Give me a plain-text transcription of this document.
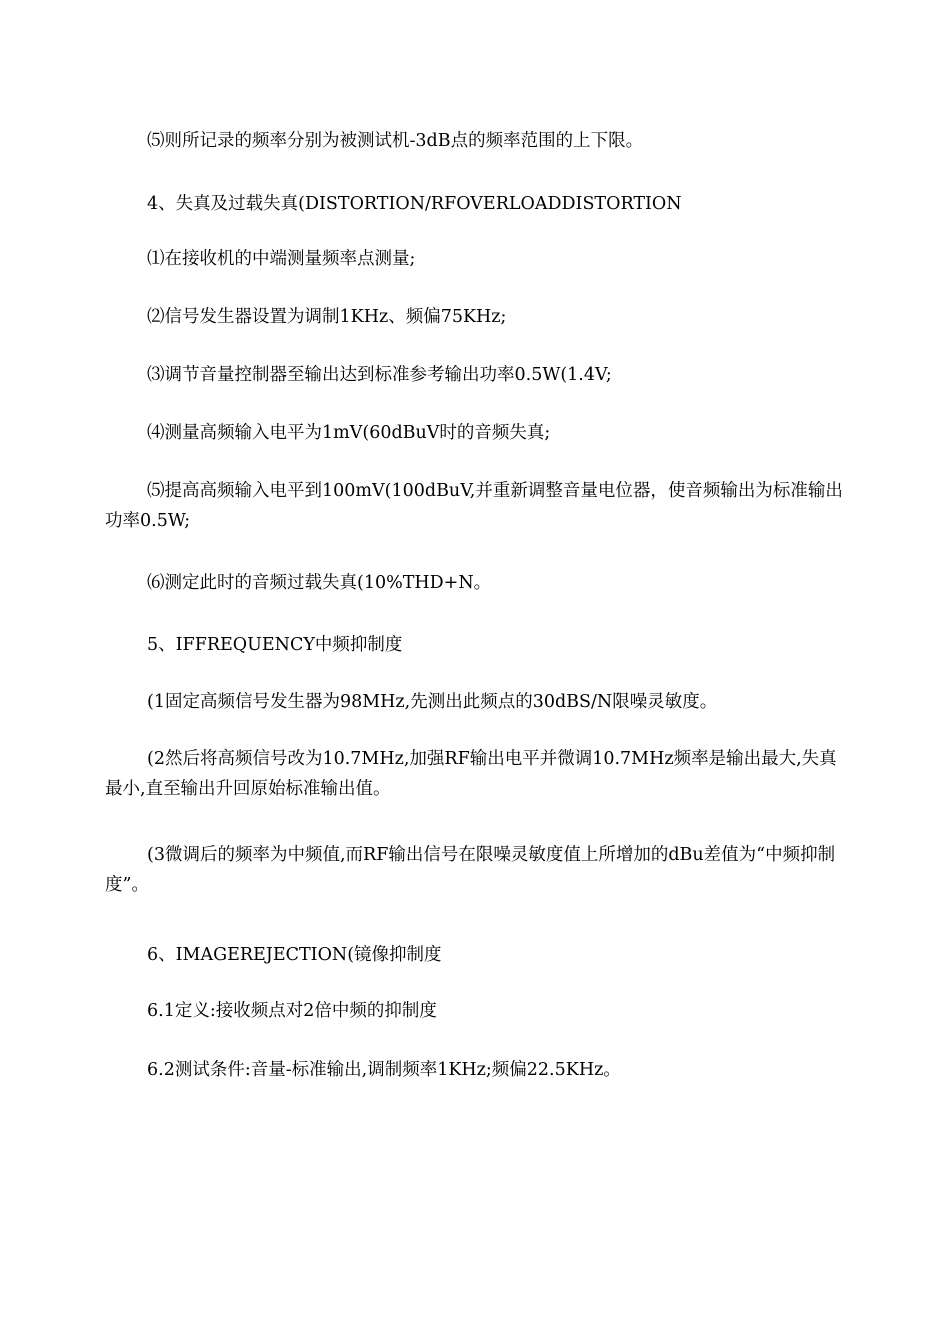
⑸则所记录的频率分别为被测试机-3dB点的频率范围的上下限。

4、失真及过载失真(DISTORTION/RFOVERLOADDISTORTION

⑴在接收机的中端测量频率点测量;

⑵信号发生器设置为调制1KHz、频偏75KHz;

⑶调节音量控制器至输出达到标准参考输出功率0.5W(1.4V;

⑷测量高频输入电平为1mV(60dBuV时的音频失真;

⑸提高高频输入电平到100mV(100dBuV,并重新调整音量电位器，使音频输出为标准输出功率0.5W;

⑹测定此时的音频过载失真(10%THD+N。

5、IFFREQUENCY中频抑制度

(1固定高频信号发生器为98MHz,先测出此频点的30dBS/N限噪灵敏度。

(2然后将高频信号改为10.7MHz,加强RF输出电平并微调10.7MHz频率是输出最大,失真最小,直至输出升回原始标准输出值。

(3微调后的频率为中频值,而RF输出信号在限噪灵敏度值上所增加的dBu差值为“中频抑制度”。

6、IMAGEREJECTION(镜像抑制度

6.1定义:接收频点对2倍中频的抑制度

6.2测试条件:音量-标准输出,调制频率1KHz;频偏22.5KHz。
